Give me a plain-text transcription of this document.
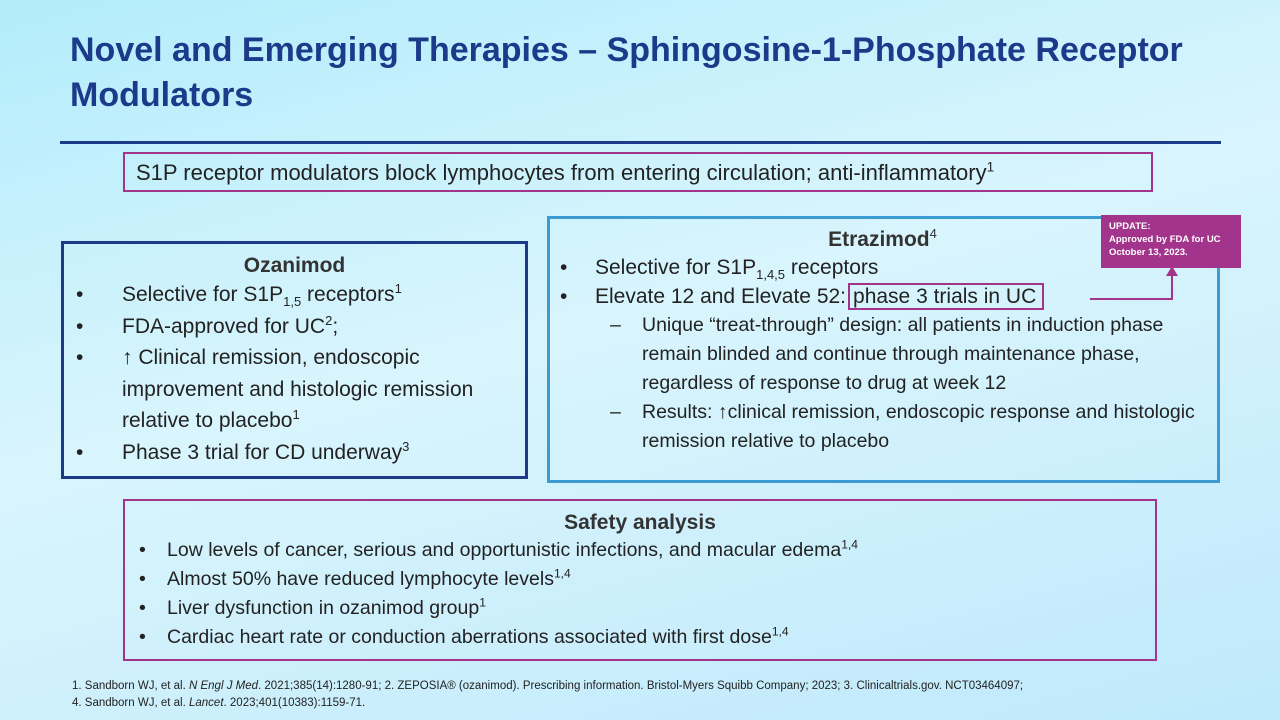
Novel and Emerging Therapies – Sphingosine-1-Phosphate Receptor Modulators
S1P receptor modulators block lymphocytes from entering circulation; anti-inflammatory$^1$
Ozanimod
• Selective for $S1P_{1,5}$ receptors$^1$
• FDA-approved for $UC^2$;
• ↑ Clinical remission, endoscopic improvement and histologic remission relative to placebo$^1$
• Phase 3 trial for CD underway$^3$
Etrazimod$^4$
• Selective for $S1P_{1,4,5}$ receptors
• Elevate 12 and Elevate 52: phase 3 trials in UC
– Unique “treat-through” design: all patients in induction phase remain blinded and continue through maintenance phase, regardless of response to drug at week 12
– Results: ↑clinical remission, endoscopic response and histologic remission relative to placebo
UPDATE:
Approved by FDA for UC
October 13, 2023.
Safety analysis
• Low levels of cancer, serious and opportunistic infections, and macular edema$^{1,4}$
• Almost 50% have reduced lymphocyte levels$^{1,4}$
• Liver dysfunction in ozanimod group$^1$
• Cardiac heart rate or conduction aberrations associated with first dose$^{1,4}$
1. Sandborn WJ, et al. N Engl J Med. 2021;385(14):1280-91; 2. ZEPOSIA® (ozanimod). Prescribing information. Bristol-Myers Squibb Company; 2023; 3. Clinicaltrials.gov. NCT03464097;
4. Sandborn WJ, et al. Lancet. 2023;401(10383):1159-71.
